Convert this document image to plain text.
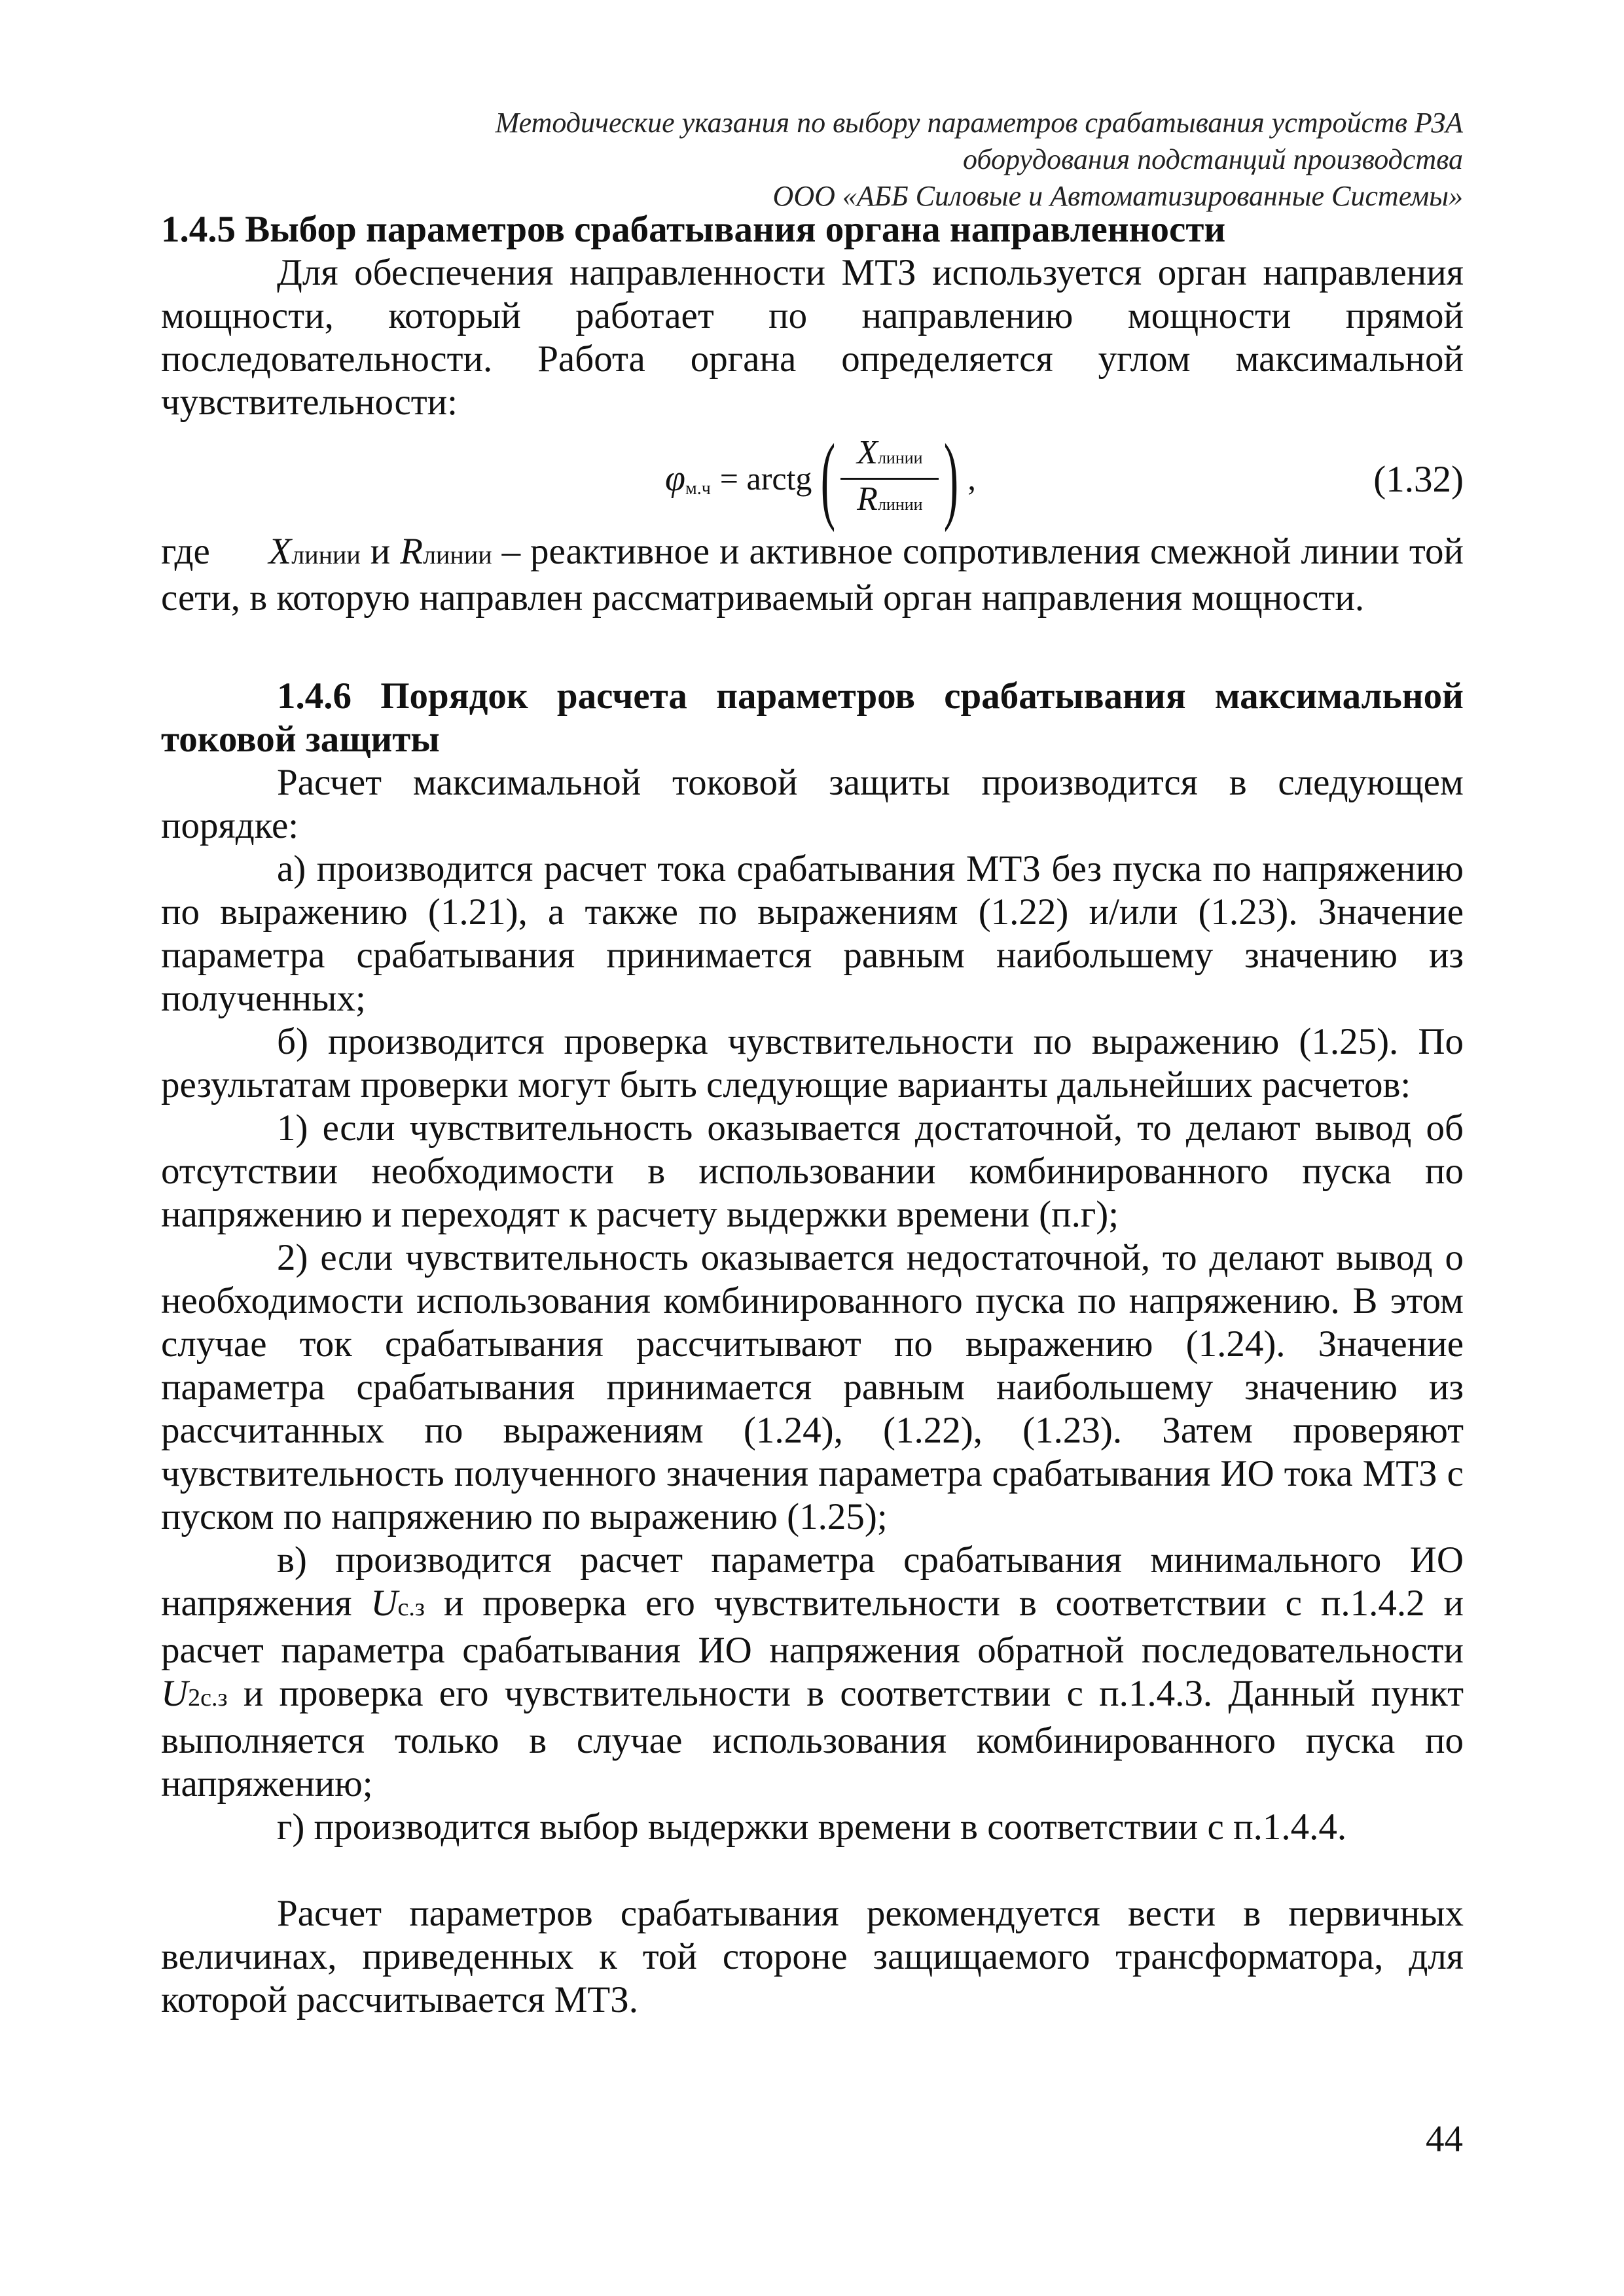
Методические указания по выбору параметров срабатывания устройств РЗА
оборудования подстанций производства
ООО «АББ Силовые и Автоматизированные Системы»
1.4.5 Выбор параметров срабатывания органа направленности

Для обеспечения направленности МТЗ используется орган направления мощности, который работает по направлению мощности прямой последовательности. Работа органа определяется углом максимальной чувствительности:

φ м.ч = arctg ( $\frac{\text{Xлинии}}{\text{Rлинии}}$ ) ,	(1.32)

где Xлинии и Rлинии – реактивное и активное сопротивления смежной линии той сети, в которую направлен рассматриваемый орган направления мощности.

1.4.6 Порядок расчета параметров срабатывания максимальной токовой защиты

Расчет максимальной токовой защиты производится в следующем порядке:

а) производится расчет тока срабатывания МТЗ без пуска по напряжению по выражению (1.21), а также по выражениям (1.22) и/или (1.23). Значение параметра срабатывания принимается равным наибольшему значению из полученных;

б) производится проверка чувствительности по выражению (1.25). По результатам проверки могут быть следующие варианты дальнейших расчетов:

1) если чувствительность оказывается достаточной, то делают вывод об отсутствии необходимости в использовании комбинированного пуска по напряжению и переходят к расчету выдержки времени (п.г);

2) если чувствительность оказывается недостаточной, то делают вывод о необходимости использования комбинированного пуска по напряжению. В этом случае ток срабатывания рассчитывают по выражению (1.24). Значение параметра срабатывания принимается равным наибольшему значению из рассчитанных по выражениям (1.24), (1.22), (1.23). Затем проверяют чувствительность полученного значения параметра срабатывания ИО тока МТЗ с пуском по напряжению по выражению (1.25);

в) производится расчет параметра срабатывания минимального ИО напряжения Uс.з и проверка его чувствительности в соответствии с п.1.4.2 и расчет параметра срабатывания ИО напряжения обратной последовательности U2с.з и проверка его чувствительности в соответствии с п.1.4.3. Данный пункт выполняется только в случае использования комбинированного пуска по напряжению;

г) производится выбор выдержки времени в соответствии с п.1.4.4.

Расчет параметров срабатывания рекомендуется вести в первичных величинах, приведенных к той стороне защищаемого трансформатора, для которой рассчитывается МТЗ.

44
